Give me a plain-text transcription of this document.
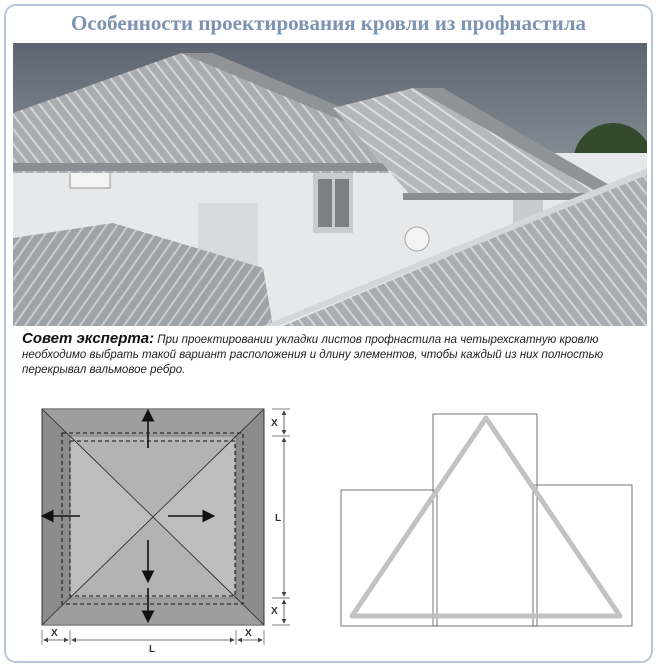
Особенности проектирования кровли из профнастила
Совет эксперта: При проектировании укладки листов профнастила на четырехскатную кровлю необходимо выбрать такой вариант расположения и длину элементов, чтобы каждый из них полностью перекрывал вальмовое ребро.
X
L
X
X
L
X
